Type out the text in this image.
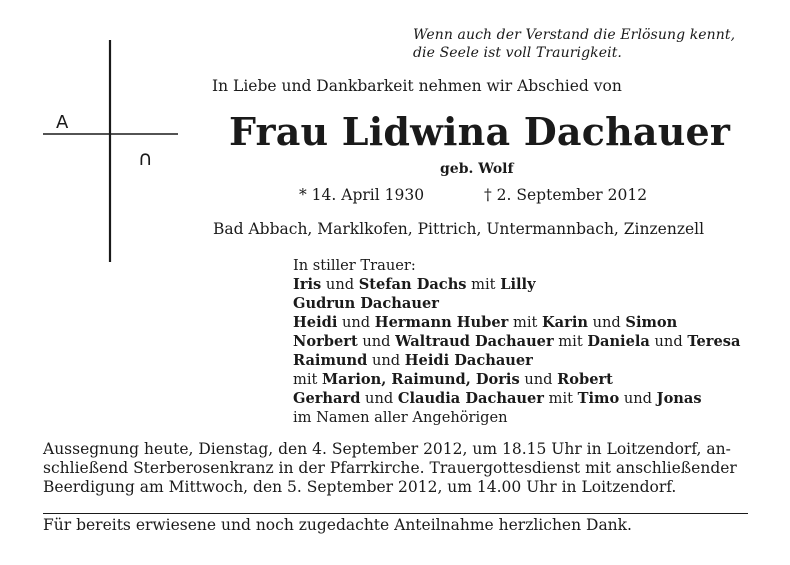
A
∩
Wenn auch der Verstand die Erlösung kennt,
die Seele ist voll Traurigkeit.
In Liebe und Dankbarkeit nehmen wir Abschied von
Frau Lidwina Dachauer
geb. Wolf
* 14. April 1930	† 2. September 2012
Bad Abbach, Marklkofen, Pittrich, Untermannbach, Zinzenzell
In stiller Trauer:
Iris und Stefan Dachs mit Lilly
Gudrun Dachauer
Heidi und Hermann Huber mit Karin und Simon
Norbert und Waltraud Dachauer mit Daniela und Teresa
Raimund und Heidi Dachauer
mit Marion, Raimund, Doris und Robert
Gerhard und Claudia Dachauer mit Timo und Jonas
im Namen aller Angehörigen
Aussegnung heute, Dienstag, den 4. September 2012, um 18.15 Uhr in Loitzendorf, an-
schließend Sterberosenkranz in der Pfarrkirche. Trauergottesdienst mit anschließender
Beerdigung am Mittwoch, den 5. September 2012, um 14.00 Uhr in Loitzendorf.
Für bereits erwiesene und noch zugedachte Anteilnahme herzlichen Dank.
